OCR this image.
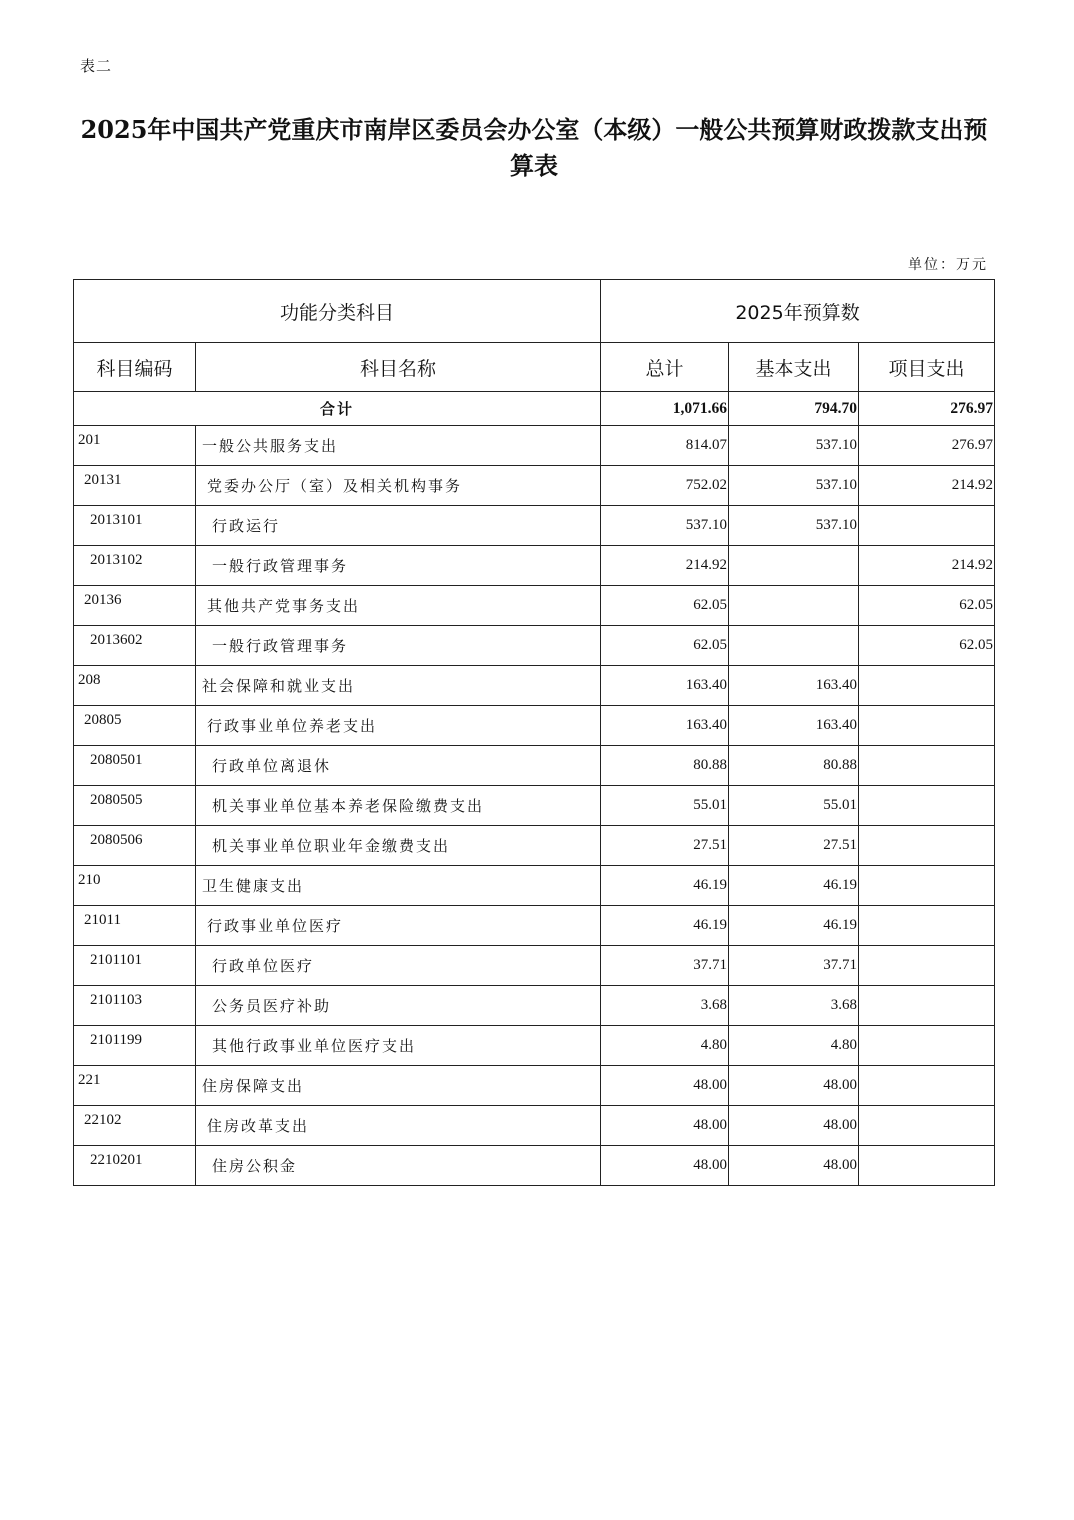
表二
2025年中国共产党重庆市南岸区委员会办公室（本级）一般公共预算财政拨款支出预算表
单位：万元
功能分类科目		2025年预算数		
科目编码	科目名称	总计	基本支出	项目支出
合计		1,071.66	794.70	276.97
201	一般公共服务支出	814.07	537.10	276.97
20131	党委办公厅（室）及相关机构事务	752.02	537.10	214.92
2013101	行政运行	537.10	537.10	
2013102	一般行政管理事务	214.92		214.92
20136	其他共产党事务支出	62.05		62.05
2013602	一般行政管理事务	62.05		62.05
208	社会保障和就业支出	163.40	163.40	
20805	行政事业单位养老支出	163.40	163.40	
2080501	行政单位离退休	80.88	80.88	
2080505	机关事业单位基本养老保险缴费支出	55.01	55.01	
2080506	机关事业单位职业年金缴费支出	27.51	27.51	
210	卫生健康支出	46.19	46.19	
21011	行政事业单位医疗	46.19	46.19	
2101101	行政单位医疗	37.71	37.71	
2101103	公务员医疗补助	3.68	3.68	
2101199	其他行政事业单位医疗支出	4.80	4.80	
221	住房保障支出	48.00	48.00	
22102	住房改革支出	48.00	48.00	
2210201	住房公积金	48.00	48.00	
